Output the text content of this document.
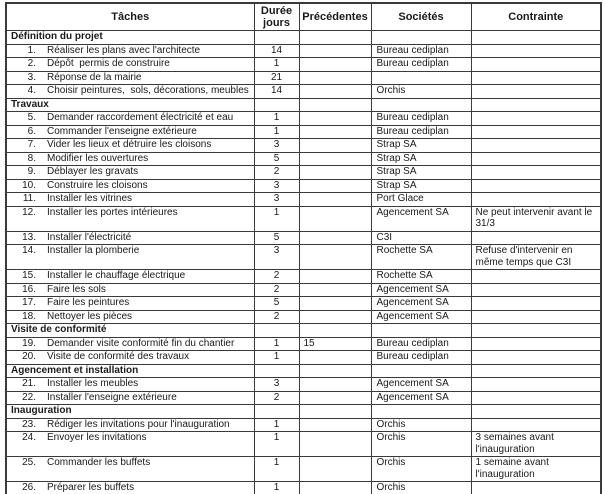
Tâches	Durée jours	Précédentes	Sociétés	Contrainte
Définition du projet				
1. Réaliser les plans avec l'architecte	14		Bureau cediplan	
2. Dépôt  permis de construire	1		Bureau cediplan	
3. Réponse de la mairie	21			
4. Choisir peintures,  sols, décorations, meubles	14		Orchis	
Travaux				
5. Demander raccordement électricité et eau	1		Bureau cediplan	
6. Commander l'enseigne extérieure	1		Bureau cediplan	
7. Vider les lieux et détruire les cloisons	3		Strap SA	
8. Modifier les ouvertures	5		Strap SA	
9. Déblayer les gravats	2		Strap SA	
10. Construire les cloisons	3		Strap SA	
11. Installer les vitrines	3		Port Glace	
12. Installer les portes intérieures	1		Agencement SA	Ne peut intervenir avant le 31/3
13. Installer l'électricité	5		C3I	
14. Installer la plomberie	3		Rochette SA	Refuse d'intervenir en même temps que C3I
15. Installer le chauffage électrique	2		Rochette SA	
16. Faire les sols	2		Agencement SA	
17. Faire les peintures	5		Agencement SA	
18. Nettoyer les pièces	2		Agencement SA	
Visite de conformité				
19. Demander visite conformité fin du chantier	1	15	Bureau cediplan	
20. Visite de conformité des travaux	1		Bureau cediplan	
Agencement et installation				
21. Installer les meubles	3		Agencement SA	
22. Installer l'enseigne extérieure	2		Agencement SA	
Inauguration				
23. Rédiger les invitations pour l'inauguration	1		Orchis	
24. Envoyer les invitations	1		Orchis	3 semaines avant l'inauguration
25. Commander les buffets	1		Orchis	1 semaine avant l'inauguration
26. Préparer les buffets	1		Orchis	
